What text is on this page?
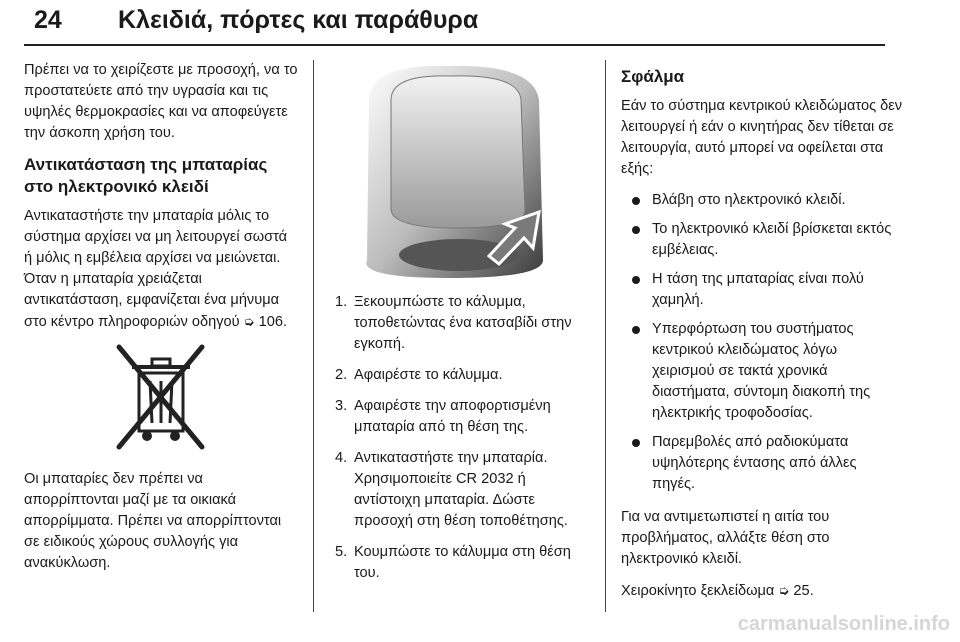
24 Κλειδιά, πόρτες και παράθυρα

Πρέπει να το χειρίζεστε με προσοχή, να το προστατεύετε από την υγρασία και τις υψηλές θερμοκρασίες και να αποφεύγετε την άσκοπη χρήση του.

Αντικατάσταση της μπαταρίας στο ηλεκτρονικό κλειδί

Αντικαταστήστε την μπαταρία μόλις το σύστημα αρχίσει να μη λειτουργεί σωστά ή μόλις η εμβέλεια αρχίσει να μειώνεται. Όταν η μπαταρία χρειάζεται αντικατάσταση, εμφανίζεται ένα μήνυμα στο κέντρο πληροφοριών οδηγού ➭ 106.

Οι μπαταρίες δεν πρέπει να απορρίπτονται μαζί με τα οικιακά απορρίμματα. Πρέπει να απορρίπτονται σε ειδικούς χώρους συλλογής για ανακύκλωση.

1. Ξεκουμπώστε το κάλυμμα, τοποθετώντας ένα κατσαβίδι στην εγκοπή.
2. Αφαιρέστε το κάλυμμα.
3. Αφαιρέστε την αποφορτισμένη μπαταρία από τη θέση της.
4. Αντικαταστήστε την μπαταρία. Χρησιμοποιείτε CR 2032 ή αντίστοιχη μπαταρία. Δώστε προσοχή στη θέση τοποθέτησης.
5. Κουμπώστε το κάλυμμα στη θέση του.
Σφάλμα

Εάν το σύστημα κεντρικού κλειδώματος δεν λειτουργεί ή εάν ο κινητήρας δεν τίθεται σε λειτουργία, αυτό μπορεί να οφείλεται στα εξής:

Βλάβη στο ηλεκτρονικό κλειδί.
Το ηλεκτρονικό κλειδί βρίσκεται εκτός εμβέλειας.
Η τάση της μπαταρίας είναι πολύ χαμηλή.
Υπερφόρτωση του συστήματος κεντρικού κλειδώματος λόγω χειρισμού σε τακτά χρονικά διαστήματα, σύντομη διακοπή της ηλεκτρικής τροφοδοσίας.
Παρεμβολές από ραδιοκύματα υψηλότερης έντασης από άλλες πηγές.

Για να αντιμετωπιστεί η αιτία του προβλήματος, αλλάξτε θέση στο ηλεκτρονικό κλειδί.

Χειροκίνητο ξεκλείδωμα ➭ 25.

carmanualsonline.info
